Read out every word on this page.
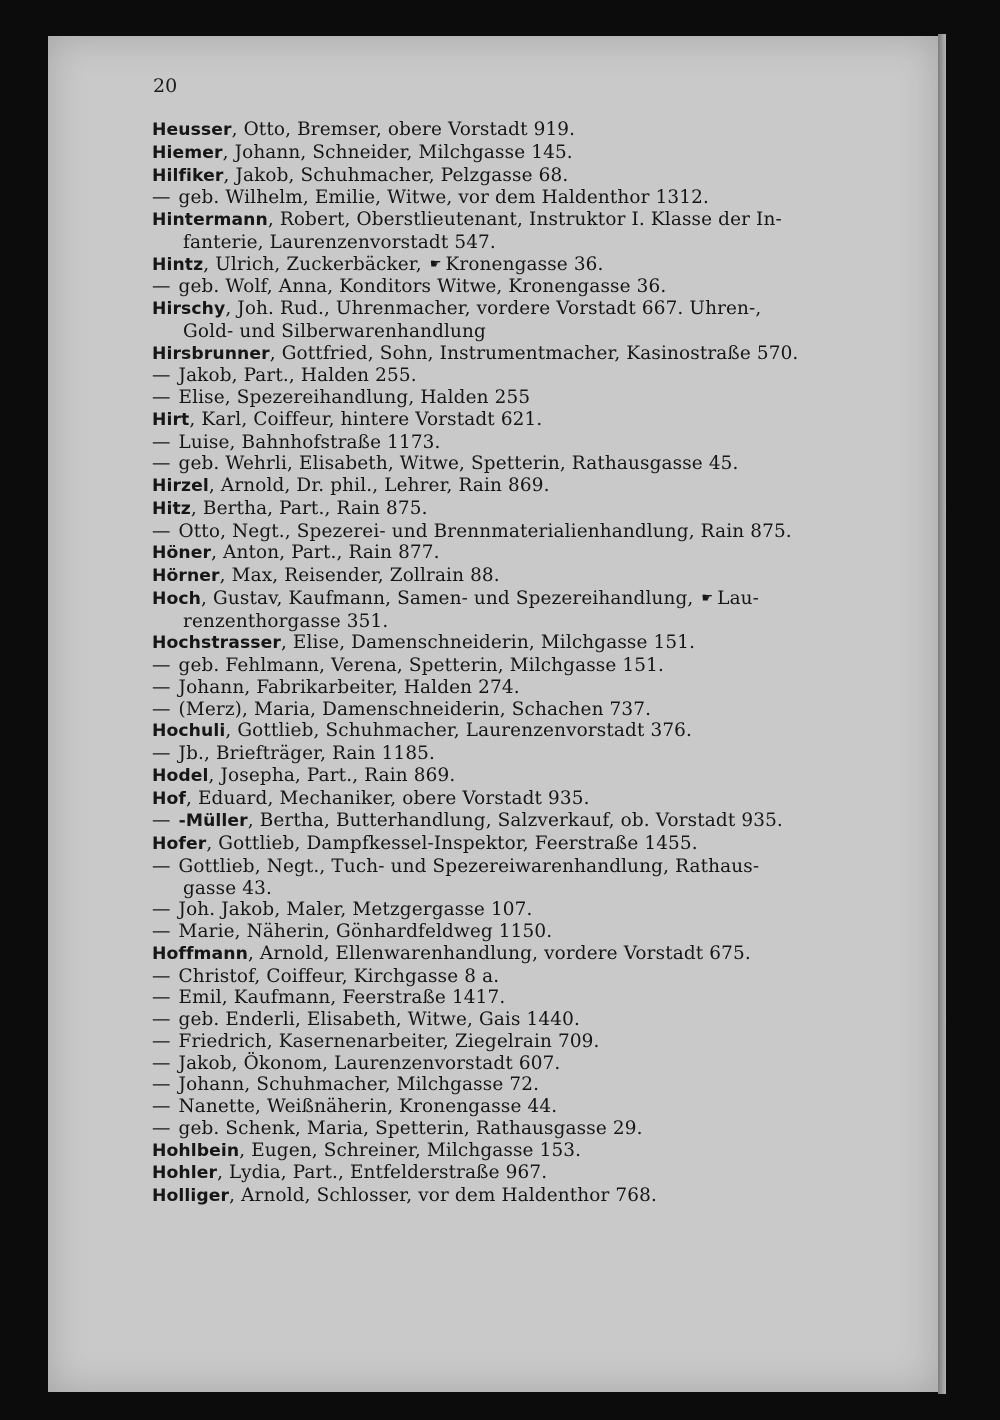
20
Heusser, Otto, Bremser, obere Vorstadt 919.
Hiemer, Johann, Schneider, Milchgasse 145.
Hilfiker, Jakob, Schuhmacher, Pelzgasse 68.
— geb. Wilhelm, Emilie, Witwe, vor dem Haldenthor 1312.
Hintermann, Robert, Oberstlieutenant, Instruktor I. Klasse der In-
fanterie, Laurenzenvorstadt 547.
Hintz, Ulrich, Zuckerbäcker, ☛ Kronengasse 36.
— geb. Wolf, Anna, Konditors Witwe, Kronengasse 36.
Hirschy, Joh. Rud., Uhrenmacher, vordere Vorstadt 667. Uhren-,
Gold- und Silberwarenhandlung
Hirsbrunner, Gottfried, Sohn, Instrumentmacher, Kasinostraße 570.
— Jakob, Part., Halden 255.
— Elise, Spezereihandlung, Halden 255
Hirt, Karl, Coiffeur, hintere Vorstadt 621.
— Luise, Bahnhofstraße 1173.
— geb. Wehrli, Elisabeth, Witwe, Spetterin, Rathausgasse 45.
Hirzel, Arnold, Dr. phil., Lehrer, Rain 869.
Hitz, Bertha, Part., Rain 875.
— Otto, Negt., Spezerei- und Brennmaterialienhandlung, Rain 875.
Höner, Anton, Part., Rain 877.
Hörner, Max, Reisender, Zollrain 88.
Hoch, Gustav, Kaufmann, Samen- und Spezereihandlung, ☛ Lau-
renzenthorgasse 351.
Hochstrasser, Elise, Damenschneiderin, Milchgasse 151.
— geb. Fehlmann, Verena, Spetterin, Milchgasse 151.
— Johann, Fabrikarbeiter, Halden 274.
— (Merz), Maria, Damenschneiderin, Schachen 737.
Hochuli, Gottlieb, Schuhmacher, Laurenzenvorstadt 376.
— Jb., Briefträger, Rain 1185.
Hodel, Josepha, Part., Rain 869.
Hof, Eduard, Mechaniker, obere Vorstadt 935.
— -Müller, Bertha, Butterhandlung, Salzverkauf, ob. Vorstadt 935.
Hofer, Gottlieb, Dampfkessel-Inspektor, Feerstraße 1455.
— Gottlieb, Negt., Tuch- und Spezereiwarenhandlung, Rathaus-
gasse 43.
— Joh. Jakob, Maler, Metzgergasse 107.
— Marie, Näherin, Gönhardfeldweg 1150.
Hoffmann, Arnold, Ellenwarenhandlung, vordere Vorstadt 675.
— Christof, Coiffeur, Kirchgasse 8 a.
— Emil, Kaufmann, Feerstraße 1417.
— geb. Enderli, Elisabeth, Witwe, Gais 1440.
— Friedrich, Kasernenarbeiter, Ziegelrain 709.
— Jakob, Ökonom, Laurenzenvorstadt 607.
— Johann, Schuhmacher, Milchgasse 72.
— Nanette, Weißnäherin, Kronengasse 44.
— geb. Schenk, Maria, Spetterin, Rathausgasse 29.
Hohlbein, Eugen, Schreiner, Milchgasse 153.
Hohler, Lydia, Part., Entfelderstraße 967.
Holliger, Arnold, Schlosser, vor dem Haldenthor 768.
